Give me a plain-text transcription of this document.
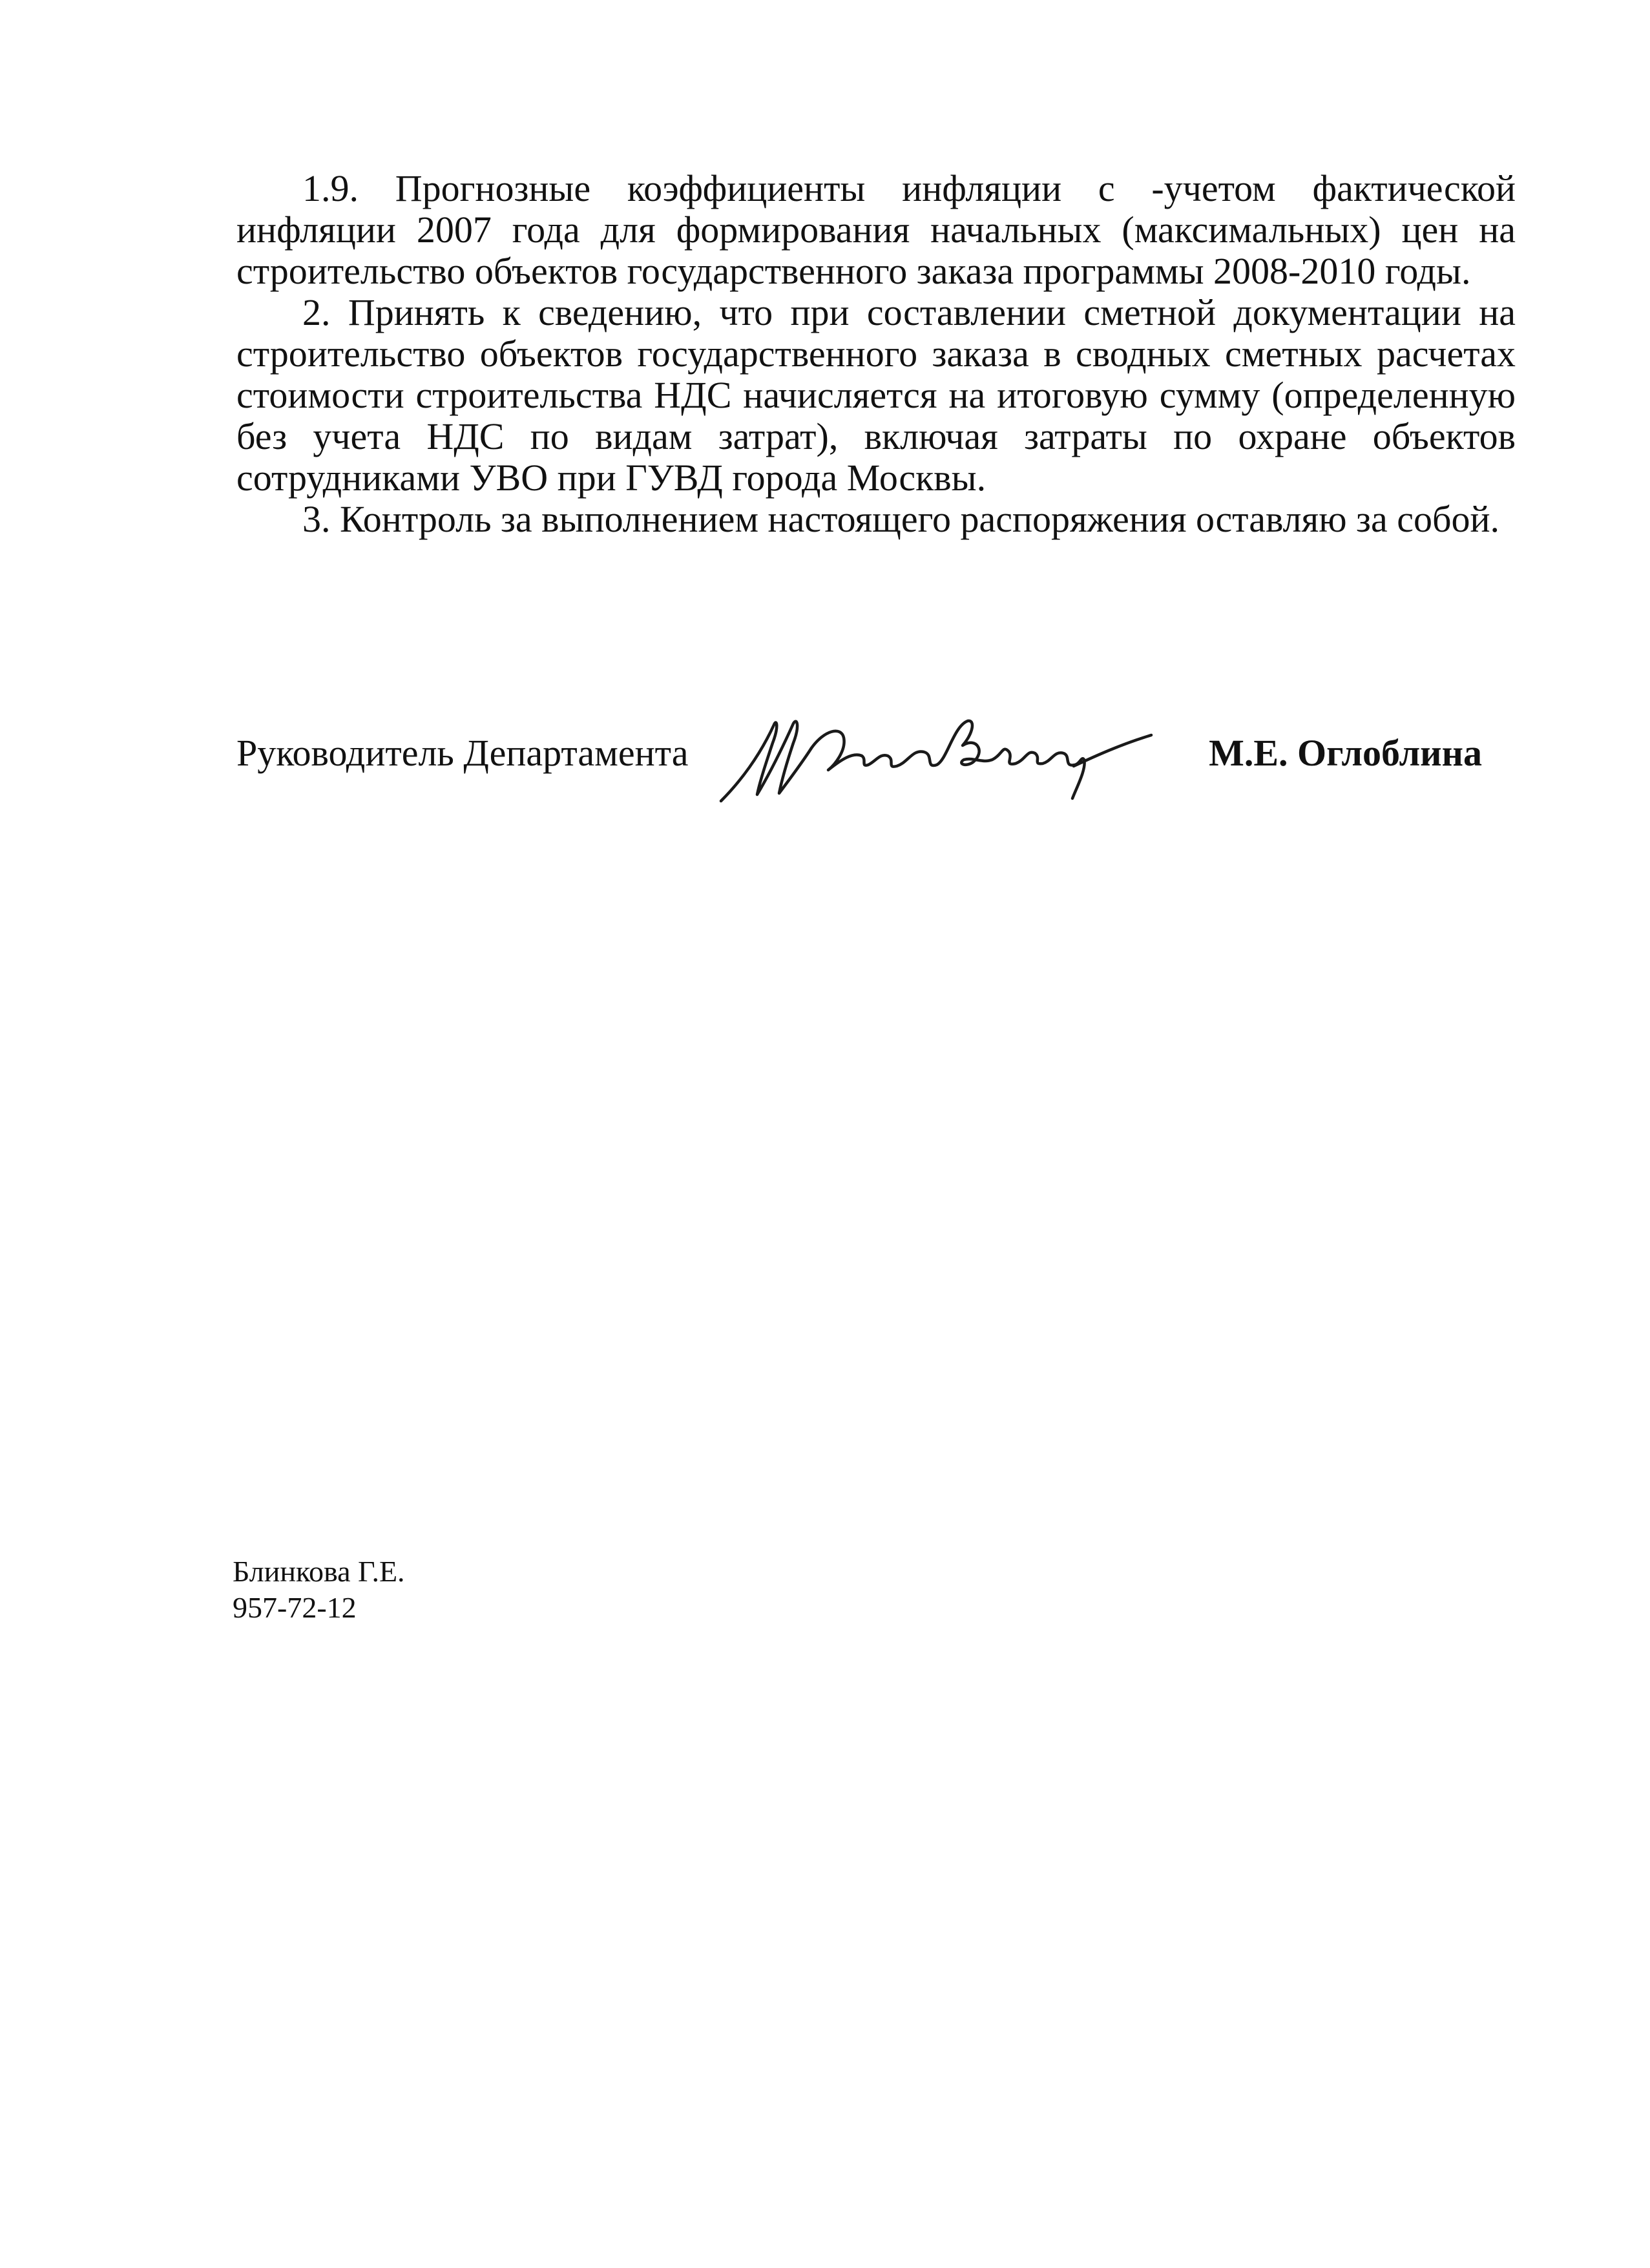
1.9. Прогнозные коэффициенты инфляции с -учетом фактической инфляции 2007 года для формирования начальных (максимальных) цен на строительство объектов государственного заказа программы 2008-2010 годы.

2. Принять к сведению, что при составлении сметной документации на строительство объектов государственного заказа в сводных сметных расчетах стоимости строительства НДС начисляется на итоговую сумму (определенную без учета НДС по видам затрат), включая затраты по охране объектов сотрудниками УВО при ГУВД города Москвы.

3. Контроль за выполнением настоящего распоряжения оставляю за собой.

Руководитель Департамента	М.Е. Оглоблина
Блинкова Г.Е.
957-72-12
